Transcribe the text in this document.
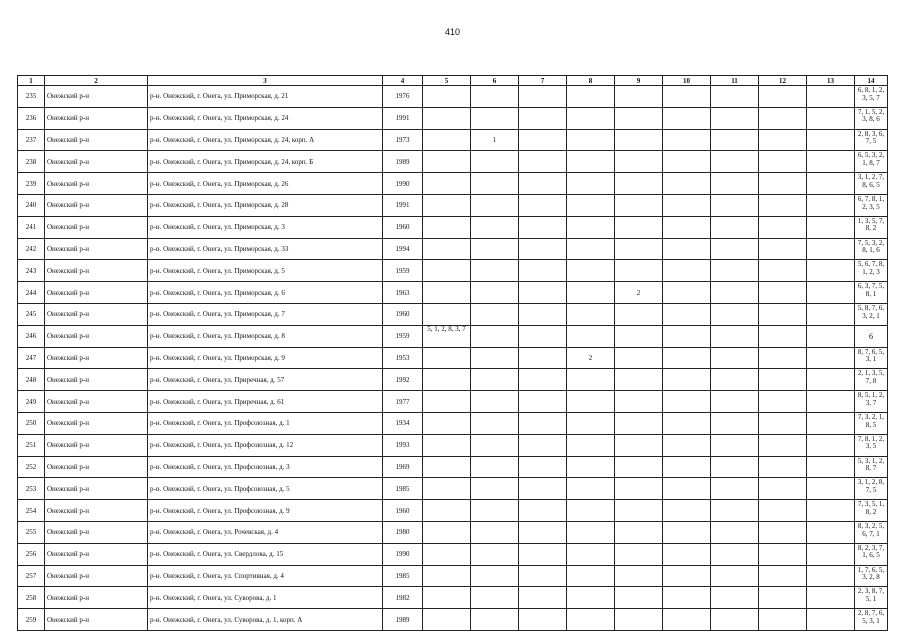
410
1	2	3	4	5	6	7	8	9	10	11	12	13	14
235	Онежский р-н	р-н. Онежский, г. Онега, ул. Приморская, д. 21	1976										6, 8, 1, 2, 3, 5, 7
236	Онежский р-н	р-н. Онежский, г. Онега, ул. Приморская, д. 24	1991										7, 1, 5, 2, 3, 8, 6
237	Онежский р-н	р-н. Онежский, г. Онега, ул. Приморская, д. 24, корп. А	1973		1								2, 8, 3, 6, 7, 5
238	Онежский р-н	р-н. Онежский, г. Онега, ул. Приморская, д. 24, корп. Б	1989										6, 5, 3, 2, 1, 8, 7
239	Онежский р-н	р-н. Онежский, г. Онега, ул. Приморская, д. 26	1990										3, 1, 2, 7, 8, 6, 5
240	Онежский р-н	р-н. Онежский, г. Онега, ул. Приморская, д. 28	1991										6, 7, 8, 1, 2, 3, 5
241	Онежский р-н	р-н. Онежский, г. Онега, ул. Приморская, д. 3	1960										1, 3, 5, 7, 8, 2
242	Онежский р-н	р-н. Онежский, г. Онега, ул. Приморская, д. 33	1994										7, 5, 3, 2, 8, 1, 6
243	Онежский р-н	р-н. Онежский, г. Онега, ул. Приморская, д. 5	1959										5, 6, 7, 8, 1, 2, 3
244	Онежский р-н	р-н. Онежский, г. Онега, ул. Приморская, д. 6	1963					2					6, 3, 7, 5, 8, 1
245	Онежский р-н	р-н. Онежский, г. Онега, ул. Приморская, д. 7	1960										5, 8, 7, 6, 3, 2, 1
246	Онежский р-н	р-н. Онежский, г. Онега, ул. Приморская, д. 8	1959	5, 1, 2, 8, 3, 7									6
247	Онежский р-н	р-н. Онежский, г. Онега, ул. Приморская, д. 9	1953				2						8, 7, 6, 5, 3, 1
248	Онежский р-н	р-н. Онежский, г. Онега, ул. Приречная, д. 57	1992										2, 1, 3, 5, 7, 8
249	Онежский р-н	р-н. Онежский, г. Онега, ул. Приречная, д. 61	1977										8, 5, 1, 2, 3, 7
250	Онежский р-н	р-н. Онежский, г. Онега, ул. Профсоюзная, д. 1	1934										7, 3, 2, 1, 8, 5
251	Онежский р-н	р-н. Онежский, г. Онега, ул. Профсоюзная, д. 12	1993										7, 8, 1, 2, 3, 5
252	Онежский р-н	р-н. Онежский, г. Онега, ул. Профсоюзная, д. 3	1969										5, 3, 1, 2, 8, 7
253	Онежский р-н	р-н. Онежский, г. Онега, ул. Профсоюзная, д. 5	1985										3, 1, 2, 8, 7, 5
254	Онежский р-н	р-н. Онежский, г. Онега, ул. Профсоюзная, д. 9	1960										7, 3, 5, 1, 8, 2
255	Онежский р-н	р-н. Онежский, г. Онега, ул. Рочевская, д. 4	1980										8, 3, 2, 5, 6, 7, 1
256	Онежский р-н	р-н. Онежский, г. Онега, ул. Свердлова, д. 15	1990										8, 2, 3, 7, 1, 6, 5
257	Онежский р-н	р-н. Онежский, г. Онега, ул. Спортивная, д. 4	1985										1, 7, 6, 5, 3, 2, 8
258	Онежский р-н	р-н. Онежский, г. Онега, ул. Суворова, д. 1	1982										2, 3, 8, 7, 5, 1
259	Онежский р-н	р-н. Онежский, г. Онега, ул. Суворова, д. 1, корп. А	1989										2, 8, 7, 6, 5, 3, 1
